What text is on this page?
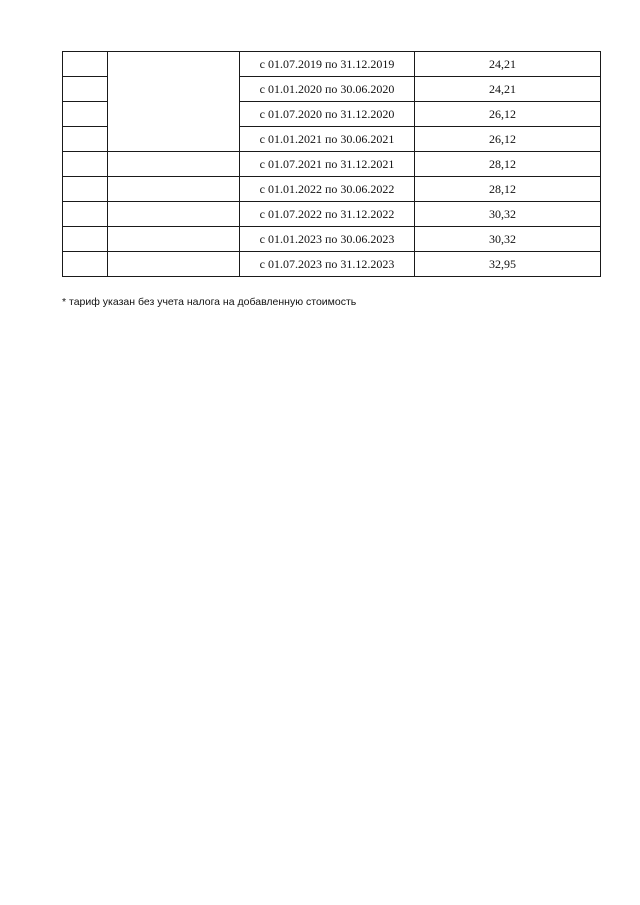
		с 01.07.2019 по 31.12.2019	24,21
		с 01.01.2020 по 30.06.2020	24,21
		с 01.07.2020 по 31.12.2020	26,12
		с 01.01.2021 по 30.06.2021	26,12
		с 01.07.2021 по 31.12.2021	28,12
		с 01.01.2022 по 30.06.2022	28,12
		с 01.07.2022 по 31.12.2022	30,32
		с 01.01.2023 по 30.06.2023	30,32
		с 01.07.2023 по 31.12.2023	32,95
* тариф указан без учета налога на добавленную стоимость
